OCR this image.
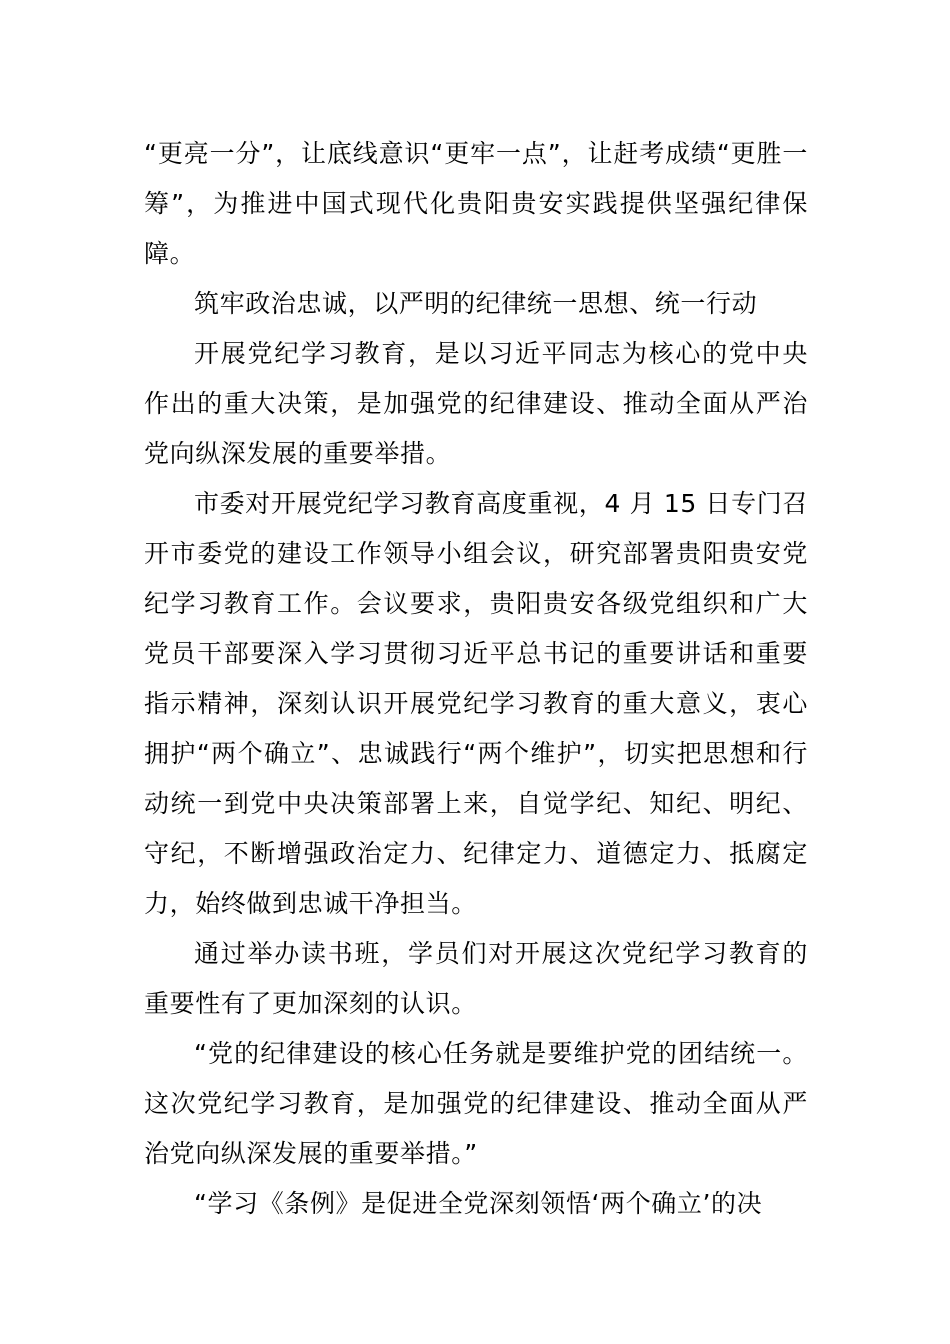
“更亮一分”，让底线意识“更牢一点”，让赶考成绩“更胜一筹”，为推进中国式现代化贵阳贵安实践提供坚强纪律保障。

筑牢政治忠诚，以严明的纪律统一思想、统一行动

开展党纪学习教育，是以习近平同志为核心的党中央作出的重大决策，是加强党的纪律建设、推动全面从严治党向纵深发展的重要举措。

市委对开展党纪学习教育高度重视，4 月 15 日专门召开市委党的建设工作领导小组会议，研究部署贵阳贵安党纪学习教育工作。会议要求，贵阳贵安各级党组织和广大党员干部要深入学习贯彻习近平总书记的重要讲话和重要指示精神，深刻认识开展党纪学习教育的重大意义，衷心拥护“两个确立”、忠诚践行“两个维护”，切实把思想和行动统一到党中央决策部署上来，自觉学纪、知纪、明纪、守纪，不断增强政治定力、纪律定力、道德定力、抵腐定力，始终做到忠诚干净担当。

通过举办读书班，学员们对开展这次党纪学习教育的重要性有了更加深刻的认识。

“党的纪律建设的核心任务就是要维护党的团结统一。这次党纪学习教育，是加强党的纪律建设、推动全面从严治党向纵深发展的重要举措。”

“学习《条例》是促进全党深刻领悟‘两个确立’的决
